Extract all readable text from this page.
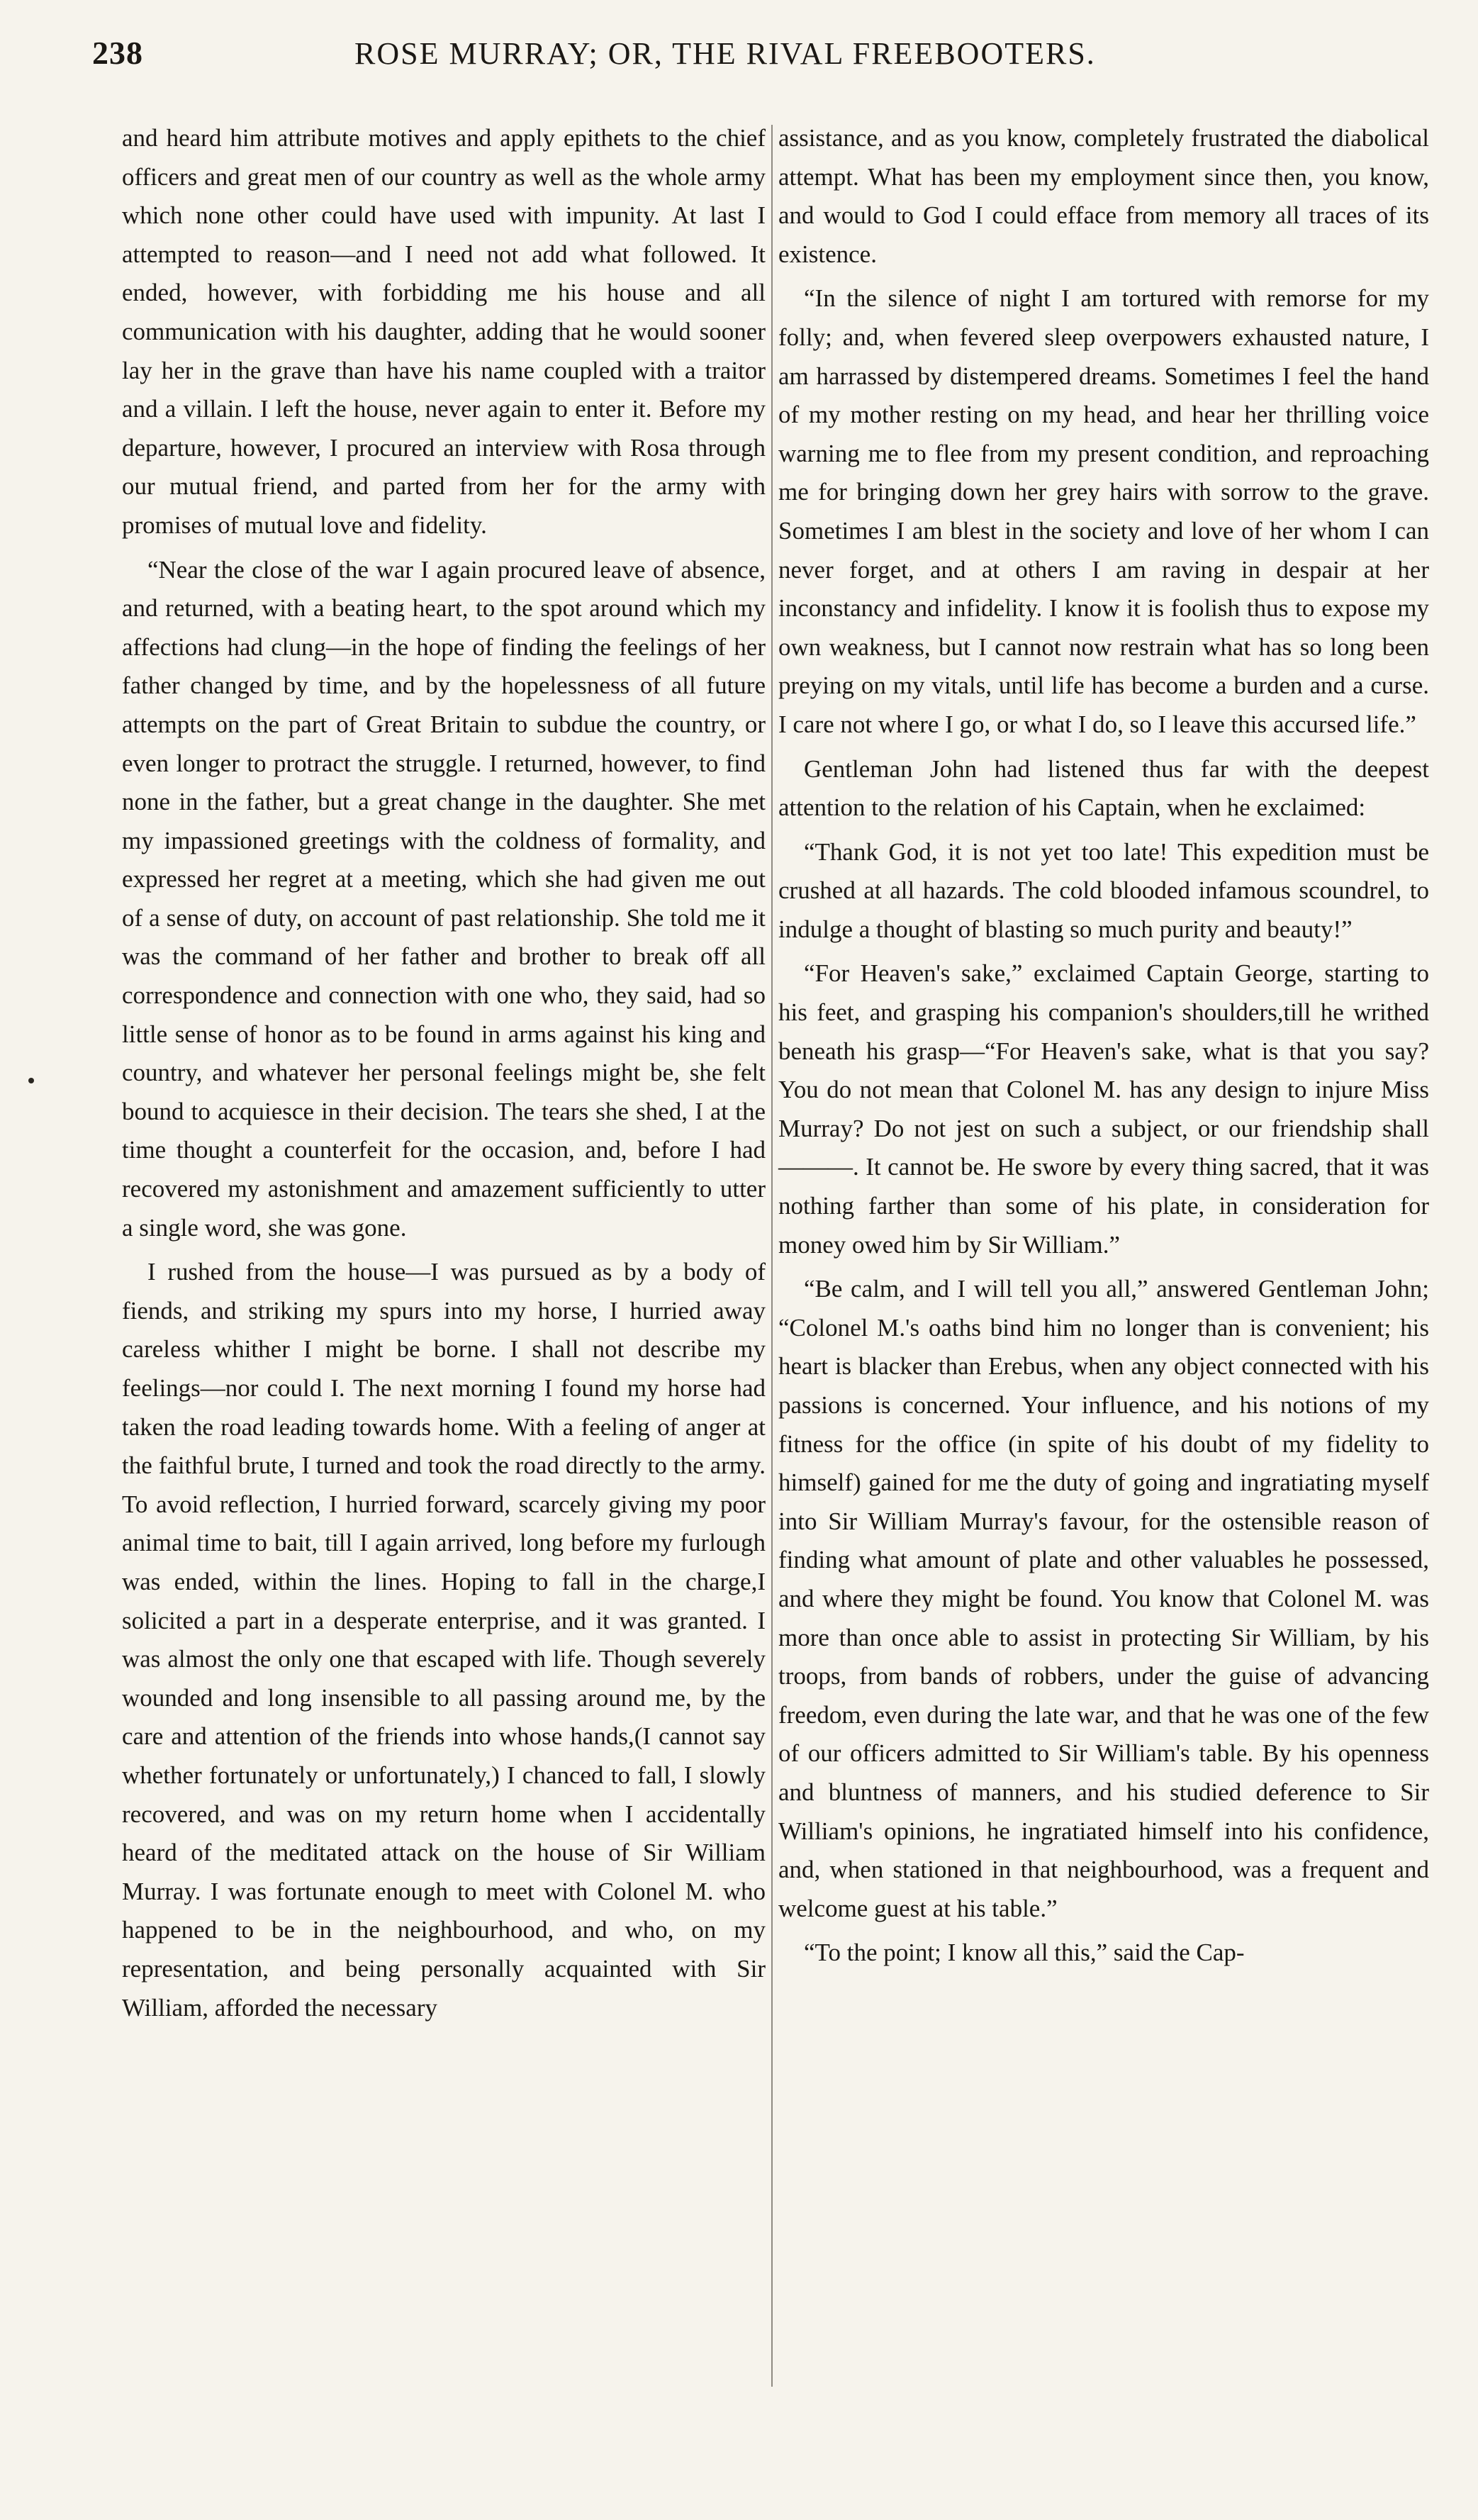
238	ROSE MURRAY; OR, THE RIVAL FREEBOOTERS.

and heard him attribute motives and apply epithets to the chief officers and great men of our country as well as the whole army which none other could have used with impunity. At last I attempted to reason—and I need not add what followed. It ended, however, with forbidding me his house and all communication with his daughter, adding that he would sooner lay her in the grave than have his name coupled with a traitor and a villain. I left the house, never again to enter it. Before my departure, however, I procured an interview with Rosa through our mutual friend, and parted from her for the army with promises of mutual love and fidelity.

“Near the close of the war I again procured leave of absence, and returned, with a beating heart, to the spot around which my affections had clung—in the hope of finding the feelings of her father changed by time, and by the hopelessness of all future attempts on the part of Great Britain to subdue the country, or even longer to protract the struggle. I returned, however, to find none in the father, but a great change in the daughter. She met my impassioned greetings with the coldness of formality, and expressed her regret at a meeting, which she had given me out of a sense of duty, on account of past relationship. She told me it was the command of her father and brother to break off all correspondence and connection with one who, they said, had so little sense of honor as to be found in arms against his king and country, and whatever her personal feelings might be, she felt bound to acquiesce in their decision. The tears she shed, I at the time thought a counterfeit for the occasion, and, before I had recovered my astonishment and amazement sufficiently to utter a single word, she was gone.

I rushed from the house—I was pursued as by a body of fiends, and striking my spurs into my horse, I hurried away careless whither I might be borne. I shall not describe my feelings—nor could I. The next morning I found my horse had taken the road leading towards home. With a feeling of anger at the faithful brute, I turned and took the road directly to the army. To avoid reflection, I hurried forward, scarcely giving my poor animal time to bait, till I again arrived, long before my furlough was ended, within the lines. Hoping to fall in the charge,I solicited a part in a desperate enterprise, and it was granted. I was almost the only one that escaped with life. Though severely wounded and long insensible to all passing around me, by the care and attention of the friends into whose hands,(I cannot say whether fortunately or unfortunately,) I chanced to fall, I slowly recovered, and was on my return home when I accidentally heard of the meditated attack on the house of Sir William Murray. I was fortunate enough to meet with Colonel M. who happened to be in the neighbourhood, and who, on my representation, and being personally acquainted with Sir William, afforded the necessary

assistance, and as you know, completely frustrated the diabolical attempt. What has been my employment since then, you know, and would to God I could efface from memory all traces of its existence.

“In the silence of night I am tortured with remorse for my folly; and, when fevered sleep overpowers exhausted nature, I am harrassed by distempered dreams. Sometimes I feel the hand of my mother resting on my head, and hear her thrilling voice warning me to flee from my present condition, and reproaching me for bringing down her grey hairs with sorrow to the grave. Sometimes I am blest in the society and love of her whom I can never forget, and at others I am raving in despair at her inconstancy and infidelity. I know it is foolish thus to expose my own weakness, but I cannot now restrain what has so long been preying on my vitals, until life has become a burden and a curse. I care not where I go, or what I do, so I leave this accursed life.”

Gentleman John had listened thus far with the deepest attention to the relation of his Captain, when he exclaimed:

“Thank God, it is not yet too late! This expedition must be crushed at all hazards. The cold blooded infamous scoundrel, to indulge a thought of blasting so much purity and beauty!”

“For Heaven's sake,” exclaimed Captain George, starting to his feet, and grasping his companion's shoulders,till he writhed beneath his grasp—“For Heaven's sake, what is that you say? You do not mean that Colonel M. has any design to injure Miss Murray? Do not jest on such a subject, or our friendship shall———. It cannot be. He swore by every thing sacred, that it was nothing farther than some of his plate, in consideration for money owed him by Sir William.”

“Be calm, and I will tell you all,” answered Gentleman John; “Colonel M.'s oaths bind him no longer than is convenient; his heart is blacker than Erebus, when any object connected with his passions is concerned. Your influence, and his notions of my fitness for the office (in spite of his doubt of my fidelity to himself) gained for me the duty of going and ingratiating myself into Sir William Murray's favour, for the ostensible reason of finding what amount of plate and other valuables he possessed, and where they might be found. You know that Colonel M. was more than once able to assist in protecting Sir William, by his troops, from bands of robbers, under the guise of advancing freedom, even during the late war, and that he was one of the few of our officers admitted to Sir William's table. By his openness and bluntness of manners, and his studied deference to Sir William's opinions, he ingratiated himself into his confidence, and, when stationed in that neighbourhood, was a frequent and welcome guest at his table.”

“To the point; I know all this,” said the Cap-
